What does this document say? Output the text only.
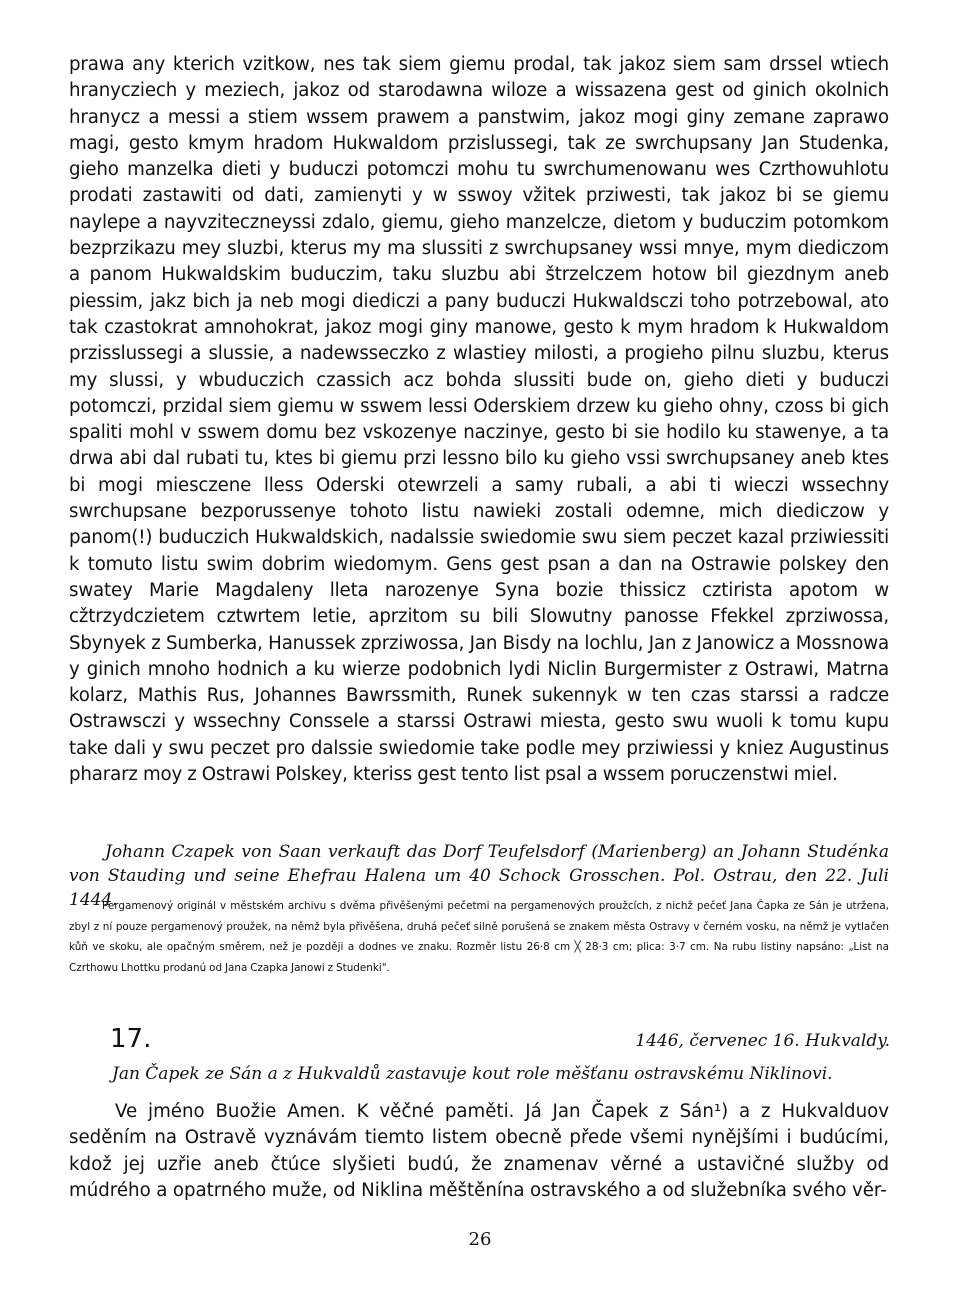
prawa any kterich vzitkow, nes tak siem giemu prodal, tak jakoz siem sam drssel wtiech hranycziech y meziech, jakoz od starodawna wiloze a wissazena gest od ginich okolnich hranycz a messi a stiem wssem prawem a panstwim, jakoz mogi giny zemane zaprawo magi, gesto kmym hradom Hukwaldom przislussegi, tak ze swrchupsany Jan Studenka, gieho manzelka dieti y buduczi potomczi mohu tu swrchumenowanu wes Czrthowuhlotu prodati zastawiti od dati, zamienyti y w sswoy vžitek prziwesti, tak jakoz bi se giemu naylepe a nayvziteczneyssi zdalo, giemu, gieho manzelcze, dietom y buduczim potomkom bezprzikazu mey sluzbi, kterus my ma slussiti z swrchupsaney wssi mnye, mym diediczom a panom Hukwaldskim buduczim, taku sluzbu abi štrzelczem hotow bil giezdnym aneb piessim, jakz bich ja neb mogi diediczi a pany buduczi Hukwaldsczi toho potrzebowal, ato tak czastokrat amnohokrat, jakoz mogi giny manowe, gesto k mym hradom k Hukwaldom przisslussegi a slussie, a nadewsseczko z wlastiey milosti, a progieho pilnu sluzbu, kterus my slussi, y wbuduczich czassich acz bohda slussiti bude on, gieho dieti y buduczi potomczi, przidal siem giemu w sswem lessi Oderskiem drzew ku gieho ohny, czoss bi gich spaliti mohl v sswem domu bez vskozenye naczinye, gesto bi sie hodilo ku stawenye, a ta drwa abi dal rubati tu, ktes bi giemu przi lessno bilo ku gieho vssi swrchupsaney aneb ktes bi mogi miesczene lless Oderski otewrzeli a samy rubali, a abi ti wieczi wssechny swrchupsane bezporussenye tohoto listu nawieki zostali odemne, mich diediczow y panom(!) buduczich Hukwaldskich, nadalssie swiedomie swu siem peczet kazal prziwiessiti k tomuto listu swim dobrim wiedomym. Gens gest psan a dan na Ostrawie polskey den swatey Marie Magdaleny lleta narozenye Syna bozie thissicz cztirista apotom w cžtrzydczietem cztwrtem letie, aprzitom su bili Slowutny panosse Ffekkel zprziwossa, Sbynyek z Sumberka, Hanussek zprziwossa, Jan Bisdy na lochlu, Jan z Janowicz a Mossnowa y ginich mnoho hodnich a ku wierze podobnich lydi Niclin Burgermister z Ostrawi, Matrna kolarz, Mathis Rus, Johannes Bawrssmith, Runek sukennyk w ten czas starssi a radcze Ostrawsczi y wssechny Conssele a starssi Ostrawi miesta, gesto swu wuoli k tomu kupu take dali y swu peczet pro dalssie swiedomie take podle mey prziwiessi y kniez Augustinus phararz moy z Ostrawi Polskey, kteriss gest tento list psal a wssem poruczenstwi miel.

Johann Czapek von Saan verkauft das Dorf Teufelsdorf (Marienberg) an Johann Studénka von Stauding und seine Ehefrau Halena um 40 Schock Grosschen. Pol. Ostrau, den 22. Juli 1444.

Pergamenový originál v městském archivu s dvěma přivěšenými pečetmi na pergamenových proužcích, z nichž pečeť Jana Čapka ze Sán je utržena, zbyl z ní pouze pergamenový proužek, na němž byla přivěšena, druhá pečeť silně porušená se znakem města Ostravy v černém vosku, na němž je vytlačen kůň ve skoku, ale opačným směrem, než je později a dodnes ve znaku. Rozměr listu 26·8 cm ╳ 28·3 cm; plica: 3·7 cm. Na rubu listiny napsáno: „List na Czrthowu Lhottku prodanú od Jana Czapka Janowi z Studenki".

17.	1446, červenec 16. Hukvaldy.

Jan Čapek ze Sán a z Hukvaldů zastavuje kout role měšťanu ostravskému Niklinovi.

Ve jméno Buožie Amen. K věčné paměti. Já Jan Čapek z Sán¹) a z Hukvalduov seděním na Ostravě vyznávám tiemto listem obecně přede všemi nynějšími i budúcími, kdož jej uzřie aneb čtúce slyšieti budú, že znamenav věrné a ustavičné služby od múdrého a opatrného muže, od Niklina měštěnína ostravského a od služebníka svého věr-

26
